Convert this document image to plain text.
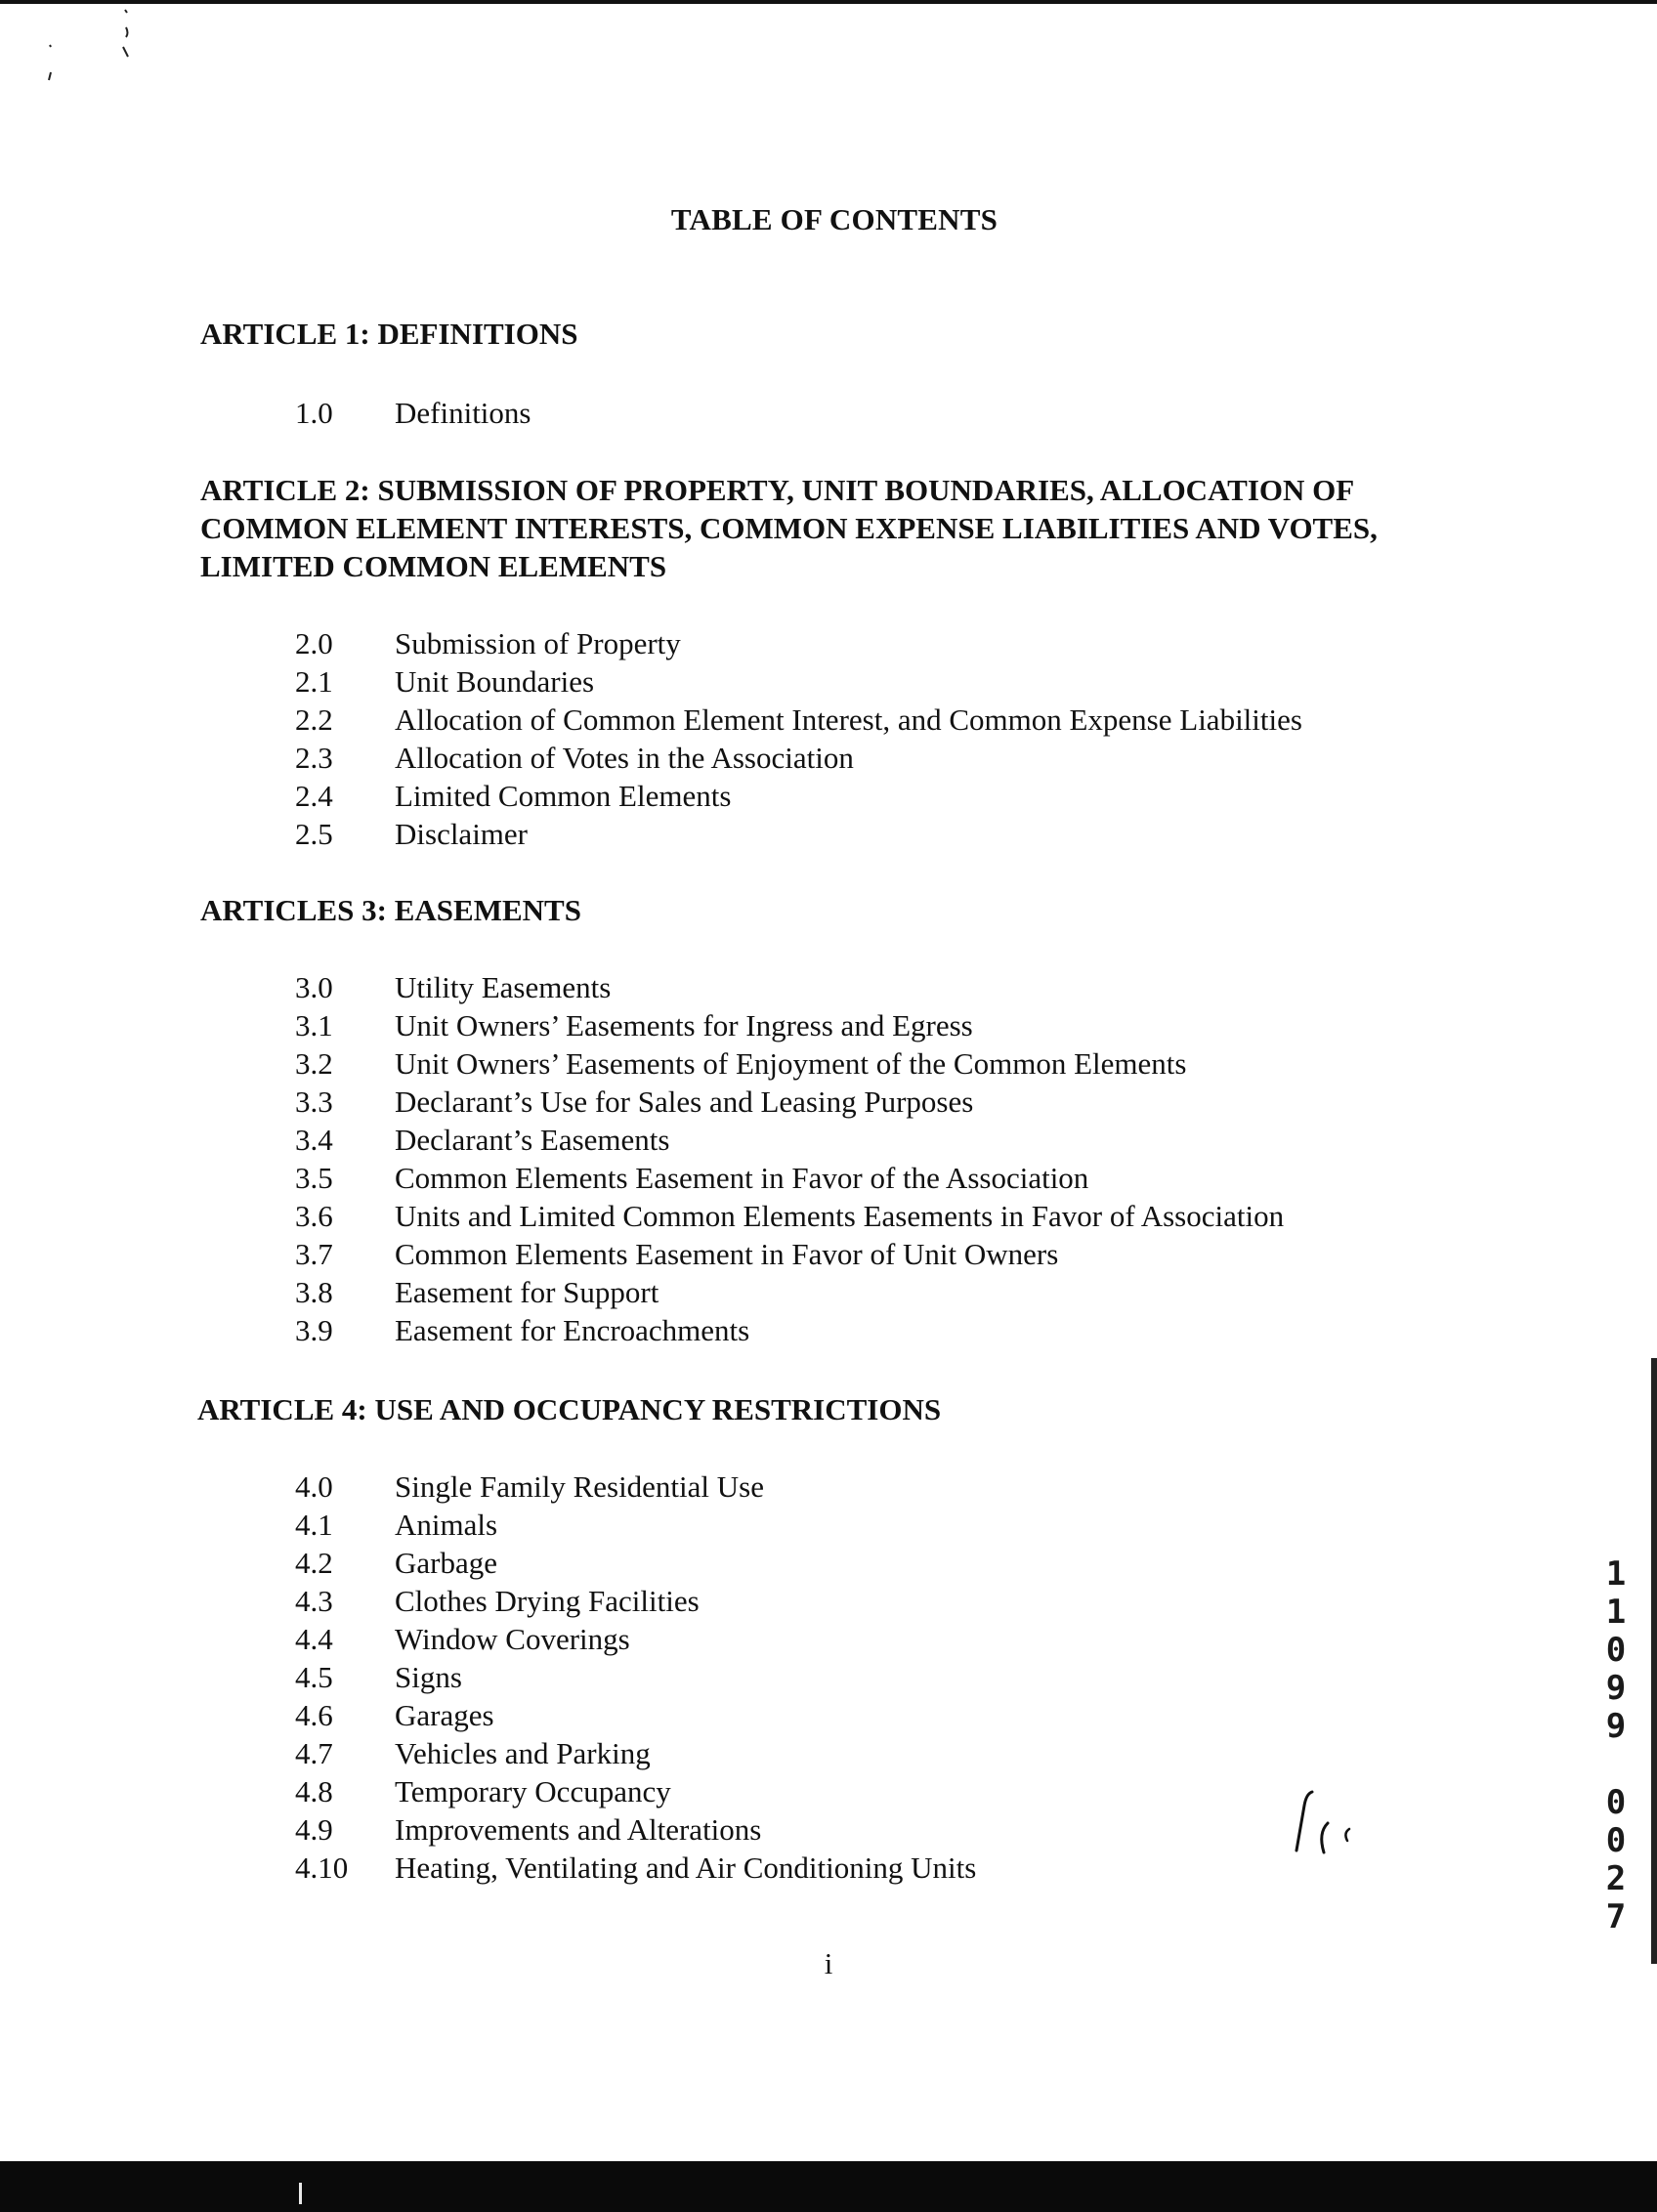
TABLE OF CONTENTS
ARTICLE 1: DEFINITIONS
1.0 Definitions
ARTICLE 2: SUBMISSION OF PROPERTY, UNIT BOUNDARIES, ALLOCATION OF
COMMON ELEMENT INTERESTS, COMMON EXPENSE LIABILITIES AND VOTES,
LIMITED COMMON ELEMENTS
2.0 Submission of Property
2.1 Unit Boundaries
2.2 Allocation of Common Element Interest, and Common Expense Liabilities
2.3 Allocation of Votes in the Association
2.4 Limited Common Elements
2.5 Disclaimer
ARTICLES 3: EASEMENTS
3.0 Utility Easements
3.1 Unit Owners’ Easements for Ingress and Egress
3.2 Unit Owners’ Easements of Enjoyment of the Common Elements
3.3 Declarant’s Use for Sales and Leasing Purposes
3.4 Declarant’s Easements
3.5 Common Elements Easement in Favor of the Association
3.6 Units and Limited Common Elements Easements in Favor of Association
3.7 Common Elements Easement in Favor of Unit Owners
3.8 Easement for Support
3.9 Easement for Encroachments
ARTICLE 4: USE AND OCCUPANCY RESTRICTIONS
4.0 Single Family Residential Use
4.1 Animals
4.2 Garbage
4.3 Clothes Drying Facilities
4.4 Window Coverings
4.5 Signs
4.6 Garages
4.7 Vehicles and Parking
4.8 Temporary Occupancy
4.9 Improvements and Alterations
4.10 Heating, Ventilating and Air Conditioning Units
1
1
0
9
9

0
0
2
7
i
